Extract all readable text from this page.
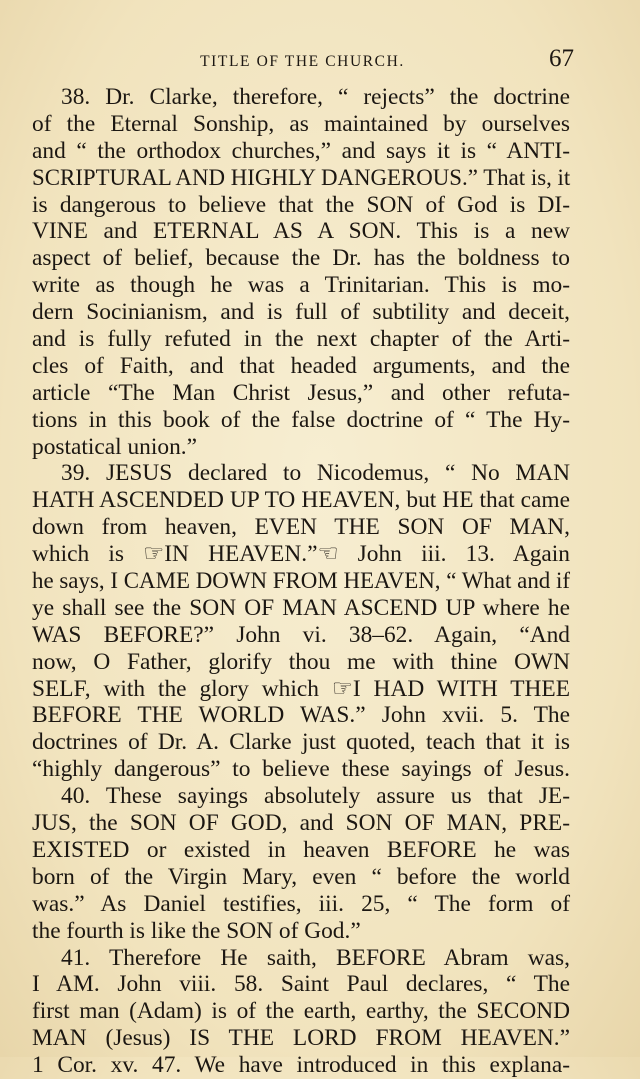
TITLE OF THE CHURCH.	67
38. Dr. Clarke, therefore, “ rejects” the doctrine
of the Eternal Sonship, as maintained by ourselves
and “ the orthodox churches,” and says it is “ ANTI-
SCRIPTURAL AND HIGHLY DANGEROUS.” That is, it
is dangerous to believe that the SON of God is DI-
VINE and ETERNAL AS A SON. This is a new
aspect of belief, because the Dr. has the boldness to
write as though he was a Trinitarian. This is mo-
dern Socinianism, and is full of subtility and deceit,
and is fully refuted in the next chapter of the Arti-
cles of Faith, and that headed arguments, and the
article “The Man Christ Jesus,” and other refuta-
tions in this book of the false doctrine of “ The Hy-
postatical union.”
39. JESUS declared to Nicodemus, “ No MAN
HATH ASCENDED UP TO HEAVEN, but HE that came
down from heaven, EVEN THE SON OF MAN,
which is ☞IN HEAVEN.”☜ John iii. 13. Again
he says, I CAME DOWN FROM HEAVEN, “ What and if
ye shall see the SON OF MAN ASCEND UP where he
WAS BEFORE?” John vi. 38–62. Again, “And
now, O Father, glorify thou me with thine OWN
SELF, with the glory which ☞I HAD WITH THEE
BEFORE THE WORLD WAS.” John xvii. 5. The
doctrines of Dr. A. Clarke just quoted, teach that it is
“highly dangerous” to believe these sayings of Jesus.
40. These sayings absolutely assure us that JE-
JUS, the SON OF GOD, and SON OF MAN, PRE-
EXISTED or existed in heaven BEFORE he was
born of the Virgin Mary, even “ before the world
was.” As Daniel testifies, iii. 25, “ The form of
the fourth is like the SON of God.”
41. Therefore He saith, BEFORE Abram was,
I AM. John viii. 58. Saint Paul declares, “ The
first man (Adam) is of the earth, earthy, the SECOND
MAN (Jesus) IS THE LORD FROM HEAVEN.”
1 Cor. xv. 47. We have introduced in this explana-
